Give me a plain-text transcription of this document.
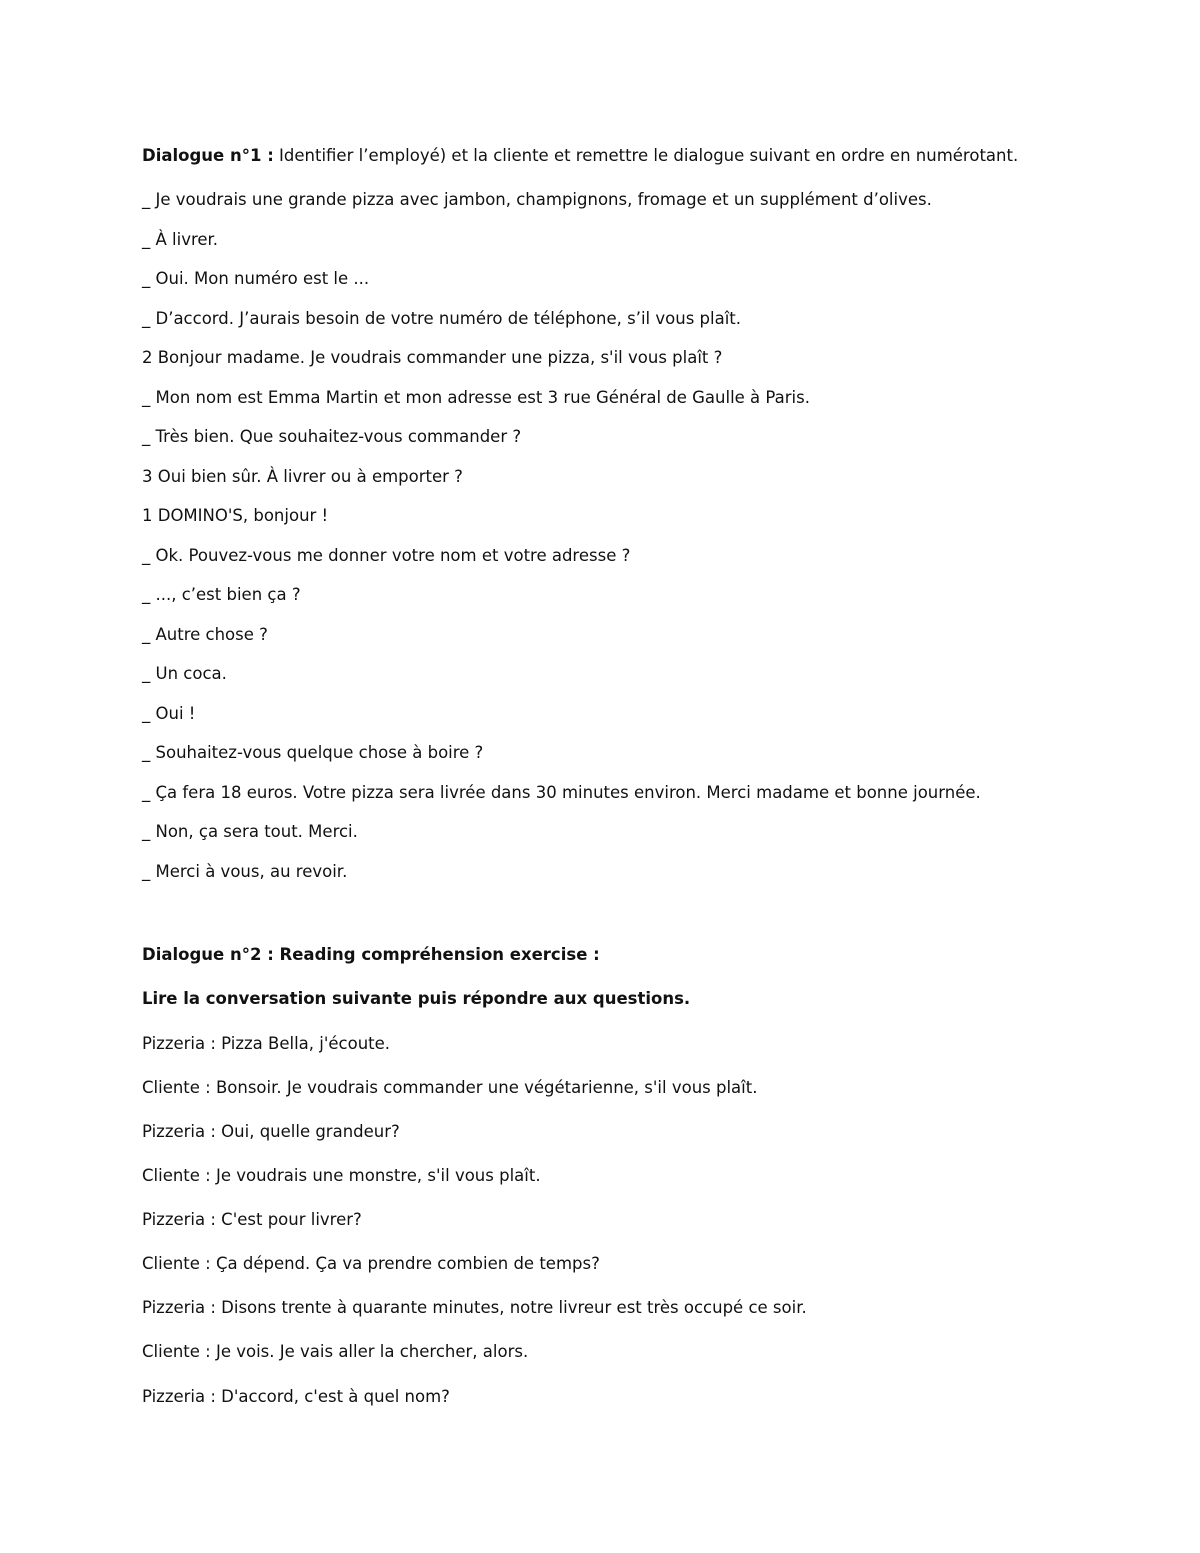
Dialogue n°1 : Identifier l’employé) et la cliente et remettre le dialogue suivant en ordre en numérotant.
_ Je voudrais une grande pizza avec jambon, champignons, fromage et un supplément d’olives.
_ À livrer.
_ Oui. Mon numéro est le ...
_ D’accord. J’aurais besoin de votre numéro de téléphone, s’il vous plaît.
2 Bonjour madame. Je voudrais commander une pizza, s'il vous plaît ?
_ Mon nom est Emma Martin et mon adresse est 3 rue Général de Gaulle à Paris.
_ Très bien. Que souhaitez-vous commander ?
3 Oui bien sûr. À livrer ou à emporter ?
1 DOMINO'S, bonjour !
_ Ok. Pouvez-vous me donner votre nom et votre adresse ?
_ ..., c’est bien ça ?
_ Autre chose ?
_ Un coca.
_ Oui !
_ Souhaitez-vous quelque chose à boire ?
_ Ça fera 18 euros. Votre pizza sera livrée dans 30 minutes environ. Merci madame et bonne journée.
_ Non, ça sera tout. Merci.
_ Merci à vous, au revoir.
Dialogue n°2 : Reading compréhension exercise :
Lire la conversation suivante puis répondre aux questions.
Pizzeria : Pizza Bella, j'écoute.
Cliente : Bonsoir. Je voudrais commander une végétarienne, s'il vous plaît.
Pizzeria : Oui, quelle grandeur?
Cliente : Je voudrais une monstre, s'il vous plaît.
Pizzeria : C'est pour livrer?
Cliente : Ça dépend. Ça va prendre combien de temps?
Pizzeria : Disons trente à quarante minutes, notre livreur est très occupé ce soir.
Cliente : Je vois. Je vais aller la chercher, alors.
Pizzeria : D'accord, c'est à quel nom?
